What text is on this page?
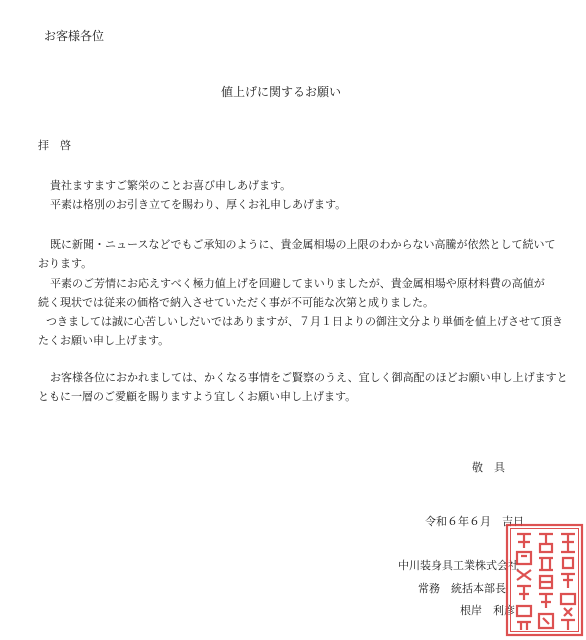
お客様各位
値上げに関するお願い
拝　啓
貴社ますますご繁栄のことお喜び申しあげます。
平素は格別のお引き立てを賜わり、厚くお礼申しあげます。
既に新聞・ニュースなどでもご承知のように、貴金属相場の上限のわからない高騰が依然として続いて
おります。
平素のご芳情にお応えすべく極力値上げを回避してまいりましたが、貴金属相場や原材料費の高値が
続く現状では従来の価格で納入させていただく事が不可能な次第と成りました。
つきましては誠に心苦しいしだいではありますが、７月１日よりの御注文分より単価を値上げさせて頂き
たくお願い申し上げます。
お客様各位におかれましては、かくなる事情をご賢察のうえ、宜しく御高配のほどお願い申し上げますと
ともに一層のご愛顧を賜りますよう宜しくお願い申し上げます。
敬　具
令和６年６月　吉日
中川装身具工業株式会社
常務　統括本部長
根岸　利彦
